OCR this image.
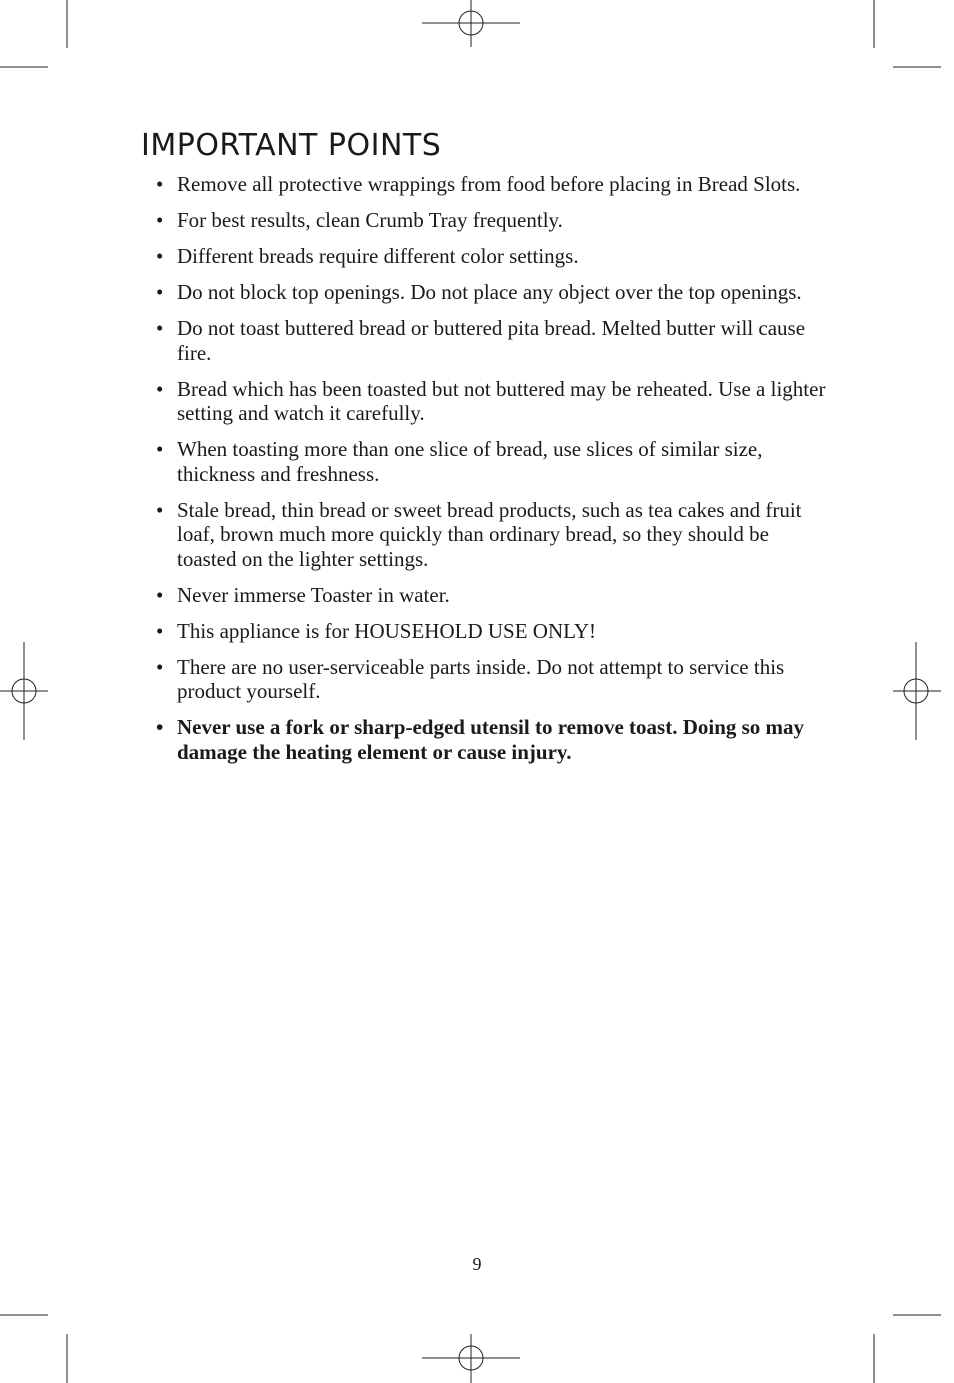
IMPORTANT POINTS
• Remove all protective wrappings from food before placing in Bread Slots.
• For best results, clean Crumb Tray frequently.
• Different breads require different color settings.
• Do not block top openings. Do not place any object over the top openings.
• Do not toast buttered bread or buttered pita bread. Melted butter will cause fire.
• Bread which has been toasted but not buttered may be reheated. Use a lighter setting and watch it carefully.
• When toasting more than one slice of bread, use slices of similar size, thickness and freshness.
• Stale bread, thin bread or sweet bread products, such as tea cakes and fruit loaf, brown much more quickly than ordinary bread, so they should be toasted on the lighter settings.
• Never immerse Toaster in water.
• This appliance is for HOUSEHOLD USE ONLY!
• There are no user-serviceable parts inside. Do not attempt to service this product yourself.
• Never use a fork or sharp-edged utensil to remove toast. Doing so may damage the heating element or cause injury.
9
